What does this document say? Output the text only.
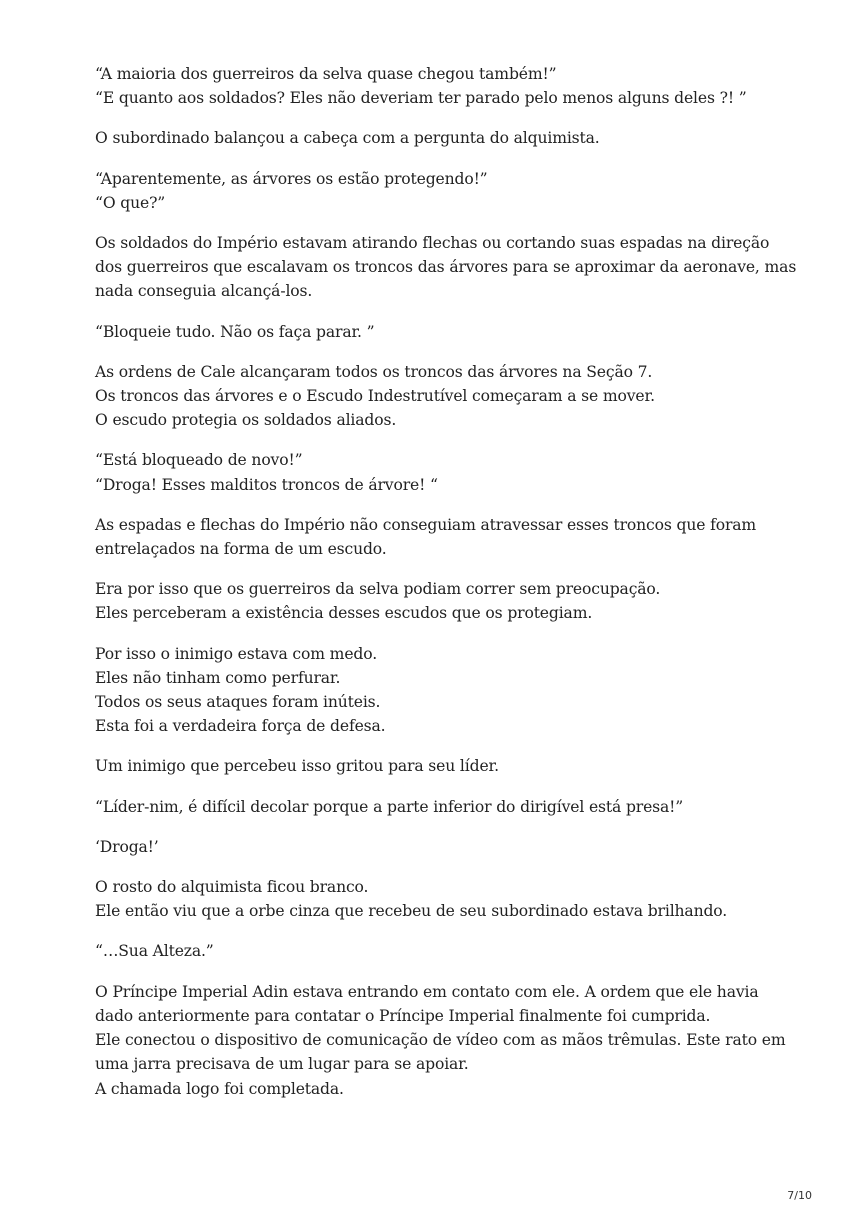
“A maioria dos guerreiros da selva quase chegou também!”
“E quanto aos soldados? Eles não deveriam ter parado pelo menos alguns deles ?! ”

O subordinado balançou a cabeça com a pergunta do alquimista.

“Aparentemente, as árvores os estão protegendo!”
“O que?”

Os soldados do Império estavam atirando flechas ou cortando suas espadas na direção
dos guerreiros que escalavam os troncos das árvores para se aproximar da aeronave, mas
nada conseguia alcançá-los.

“Bloqueie tudo. Não os faça parar. ”

As ordens de Cale alcançaram todos os troncos das árvores na Seção 7.
Os troncos das árvores e o Escudo Indestrutível começaram a se mover.
O escudo protegia os soldados aliados.

“Está bloqueado de novo!”
“Droga! Esses malditos troncos de árvore! “

As espadas e flechas do Império não conseguiam atravessar esses troncos que foram
entrelaçados na forma de um escudo.

Era por isso que os guerreiros da selva podiam correr sem preocupação.
Eles perceberam a existência desses escudos que os protegiam.

Por isso o inimigo estava com medo.
Eles não tinham como perfurar.
Todos os seus ataques foram inúteis.
Esta foi a verdadeira força de defesa.

Um inimigo que percebeu isso gritou para seu líder.

“Líder-nim, é difícil decolar porque a parte inferior do dirigível está presa!”

‘Droga!’

O rosto do alquimista ficou branco.
Ele então viu que a orbe cinza que recebeu de seu subordinado estava brilhando.

“…Sua Alteza.”

O Príncipe Imperial Adin estava entrando em contato com ele. A ordem que ele havia
dado anteriormente para contatar o Príncipe Imperial finalmente foi cumprida.
Ele conectou o dispositivo de comunicação de vídeo com as mãos trêmulas. Este rato em
uma jarra precisava de um lugar para se apoiar.
A chamada logo foi completada.

7/10
